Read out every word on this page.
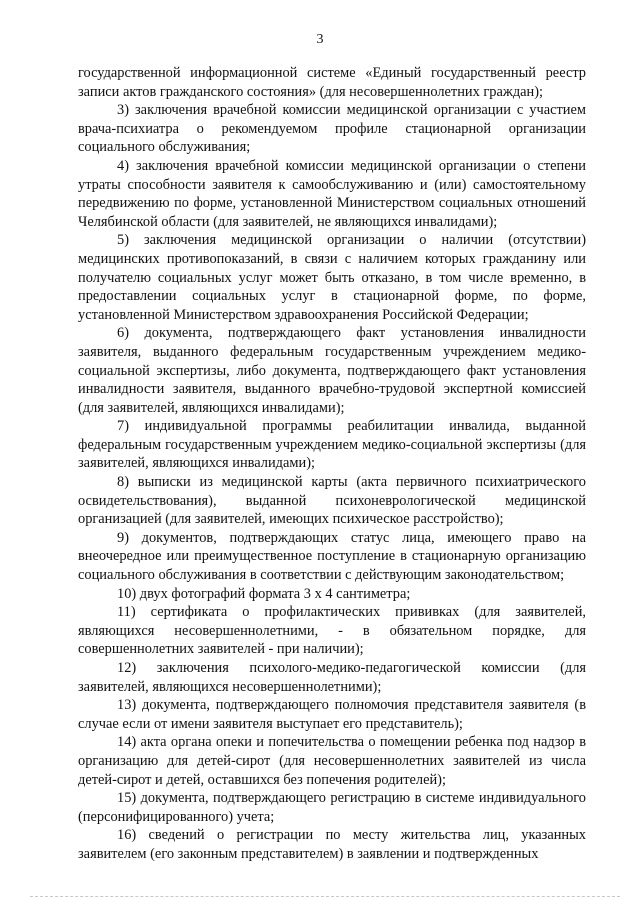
3

государственной информационной системе «Единый государственный реестр записи актов гражданского состояния» (для несовершеннолетних граждан);

3) заключения врачебной комиссии медицинской организации с участием врача-психиатра о рекомендуемом профиле стационарной организации социального обслуживания;

4) заключения врачебной комиссии медицинской организации о степени утраты способности заявителя к самообслуживанию и (или) самостоятельному передвижению по форме, установленной Министерством социальных отношений Челябинской области (для заявителей, не являющихся инвалидами);

5) заключения медицинской организации о наличии (отсутствии) медицинских противопоказаний, в связи с наличием которых гражданину или получателю социальных услуг может быть отказано, в том числе временно, в предоставлении социальных услуг в стационарной форме, по форме, установленной Министерством здравоохранения Российской Федерации;

6) документа, подтверждающего факт установления инвалидности заявителя, выданного федеральным государственным учреждением медико-социальной экспертизы, либо документа, подтверждающего факт установления инвалидности заявителя, выданного врачебно-трудовой экспертной комиссией (для заявителей, являющихся инвалидами);

7) индивидуальной программы реабилитации инвалида, выданной федеральным государственным учреждением медико-социальной экспертизы (для заявителей, являющихся инвалидами);

8) выписки из медицинской карты (акта первичного психиатрического освидетельствования), выданной психоневрологической медицинской организацией (для заявителей, имеющих психическое расстройство);

9) документов, подтверждающих статус лица, имеющего право на внеочередное или преимущественное поступление в стационарную организацию социального обслуживания в соответствии с действующим законодательством;

10) двух фотографий формата 3 х 4 сантиметра;

11) сертификата о профилактических прививках (для заявителей, являющихся несовершеннолетними, - в обязательном порядке, для совершеннолетних заявителей - при наличии);

12) заключения психолого-медико-педагогической комиссии (для заявителей, являющихся несовершеннолетними);

13) документа, подтверждающего полномочия представителя заявителя (в случае если от имени заявителя выступает его представитель);

14) акта органа опеки и попечительства о помещении ребенка под надзор в организацию для детей-сирот (для несовершеннолетних заявителей из числа детей-сирот и детей, оставшихся без попечения родителей);

15) документа, подтверждающего регистрацию в системе индивидуального (персонифицированного) учета;

16) сведений о регистрации по месту жительства лиц, указанных заявителем (его законным представителем) в заявлении и подтвержденных
